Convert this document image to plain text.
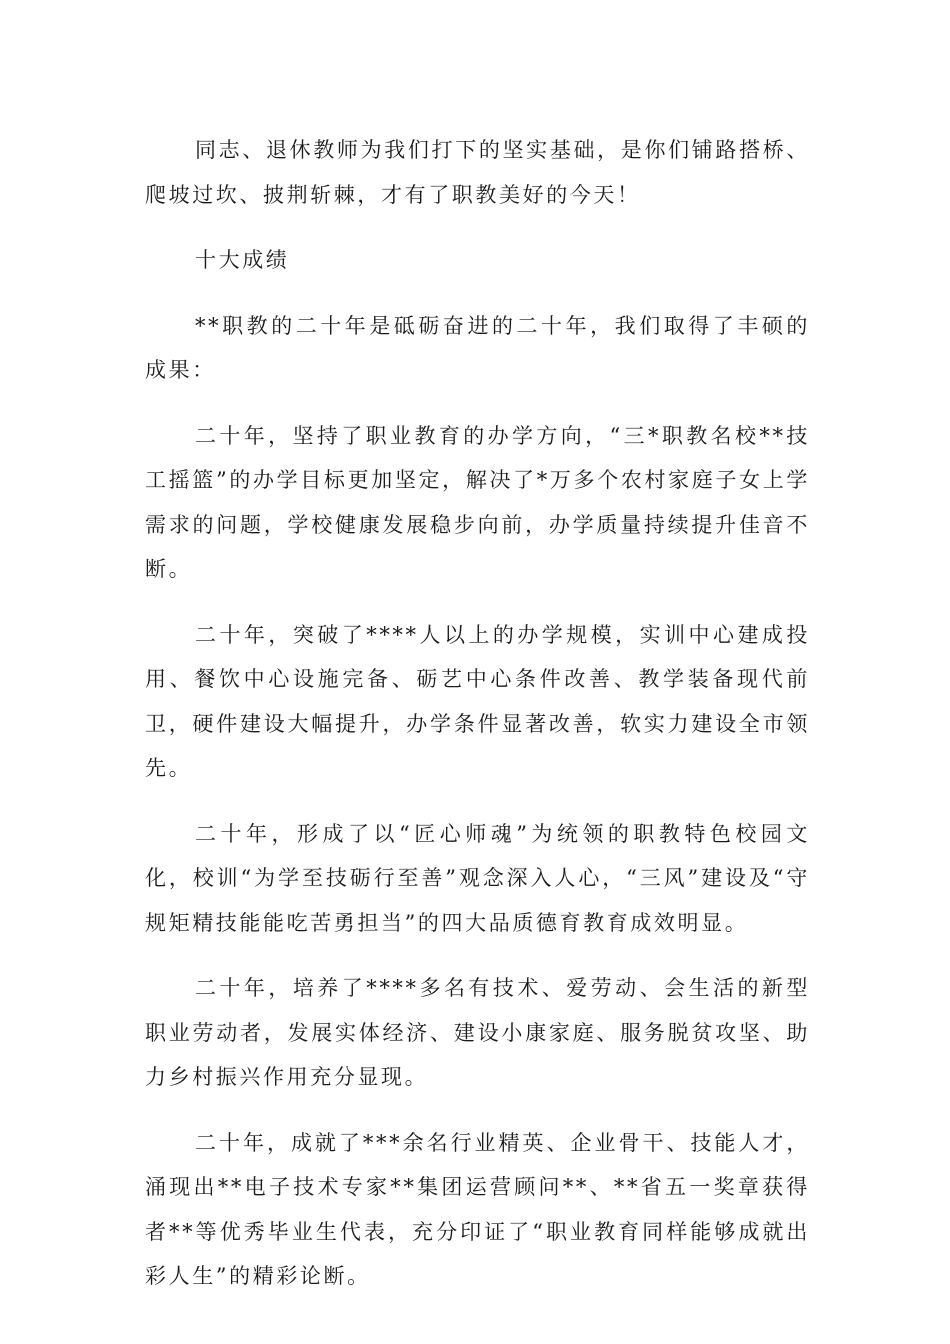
同志、退休教师为我们打下的坚实基础，是你们铺路搭桥、爬坡过坎、披荆斩棘，才有了职教美好的今天！

十大成绩

**职教的二十年是砥砺奋进的二十年，我们取得了丰硕的成果：

二十年，坚持了职业教育的办学方向，“三*职教名校**技工摇篮”的办学目标更加坚定，解决了*万多个农村家庭子女上学需求的问题，学校健康发展稳步向前，办学质量持续提升佳音不断。

二十年，突破了****人以上的办学规模，实训中心建成投用、餐饮中心设施完备、砺艺中心条件改善、教学装备现代前卫，硬件建设大幅提升，办学条件显著改善，软实力建设全市领先。

二十年，形成了以“匠心师魂”为统领的职教特色校园文化，校训“为学至技砺行至善”观念深入人心，“三风”建设及“守规矩精技能能吃苦勇担当”的四大品质德育教育成效明显。

二十年，培养了****多名有技术、爱劳动、会生活的新型职业劳动者，发展实体经济、建设小康家庭、服务脱贫攻坚、助力乡村振兴作用充分显现。

二十年，成就了***余名行业精英、企业骨干、技能人才，涌现出**电子技术专家**集团运营顾问**、**省五一奖章获得者**等优秀毕业生代表，充分印证了“职业教育同样能够成就出彩人生”的精彩论断。
